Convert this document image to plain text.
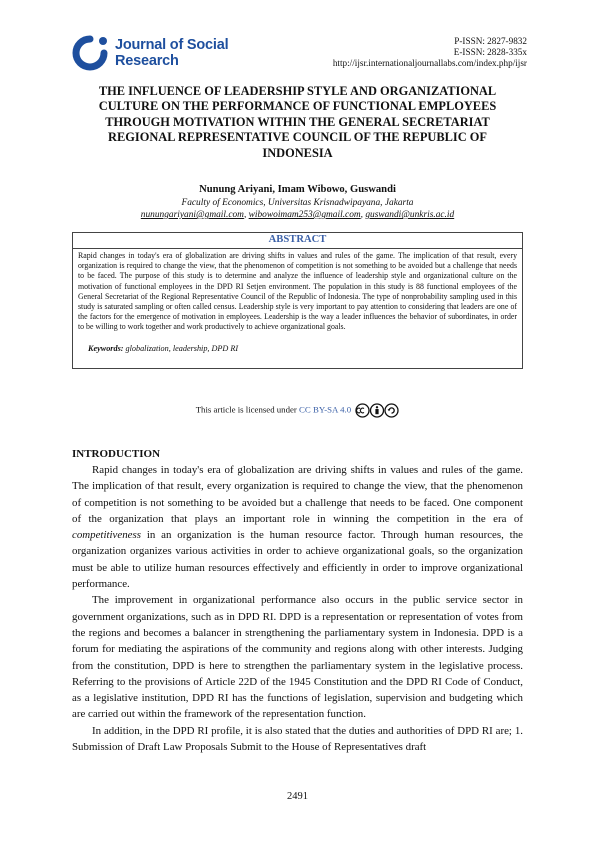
Journal of Social
Research
P-ISSN: 2827-9832
E-ISSN: 2828-335x
http://ijsr.internationaljournallabs.com/index.php/ijsr
THE INFLUENCE OF LEADERSHIP STYLE AND ORGANIZATIONAL CULTURE ON THE PERFORMANCE OF FUNCTIONAL EMPLOYEES THROUGH MOTIVATION WITHIN THE GENERAL SECRETARIAT REGIONAL REPRESENTATIVE COUNCIL OF THE REPUBLIC OF INDONESIA
Nunung Ariyani, Imam Wibowo, Guswandi
Faculty of Economics, Universitas Krisnadwipayana, Jakarta
nunungariyani@gmail.com, wibowoimam253@gmail.com, guswandi@unkris.ac.id
ABSTRACT
Rapid changes in today's era of globalization are driving shifts in values and rules of the game. The implication of that result, every organization is required to change the view, that the phenomenon of competition is not something to be avoided but a challenge that needs to be faced. The purpose of this study is to determine and analyze the influence of leadership style and organizational culture on the motivation of functional employees in the DPD RI Setjen environment. The population in this study is 88 functional employees of the General Secretariat of the Regional Representative Council of the Republic of Indonesia. The type of nonprobability sampling used in this study is saturated sampling or often called census. Leadership style is very important to pay attention to considering that leaders are one of the factors for the emergence of motivation in employees. Leadership is the way a leader influences the behavior of subordinates, in order to be willing to work together and work productively to achieve organizational goals.
Keywords: globalization, leadership, DPD RI
This article is licensed under CC BY-SA 4.0
INTRODUCTION

Rapid changes in today's era of globalization are driving shifts in values and rules of the game. The implication of that result, every organization is required to change the view, that the phenomenon of competition is not something to be avoided but a challenge that needs to be faced. One component of the organization that plays an important role in winning the competition in the era of competitiveness in an organization is the human resource factor. Through human resources, the organization organizes various activities in order to achieve organizational goals, so the organization must be able to utilize human resources effectively and efficiently in order to improve organizational performance.

The improvement in organizational performance also occurs in the public service sector in government organizations, such as in DPD RI. DPD is a representation or representation of votes from the regions and becomes a balancer in strengthening the parliamentary system in Indonesia. DPD is a forum for mediating the aspirations of the community and regions along with other interests. Judging from the constitution, DPD is here to strengthen the parliamentary system in the legislative process. Referring to the provisions of Article 22D of the 1945 Constitution and the DPD RI Code of Conduct, as a legislative institution, DPD RI has the functions of legislation, supervision and budgeting which are carried out within the framework of the representation function.

In addition, in the DPD RI profile, it is also stated that the duties and authorities of DPD RI are; 1. Submission of Draft Law Proposals Submit to the House of Representatives draft

2491
